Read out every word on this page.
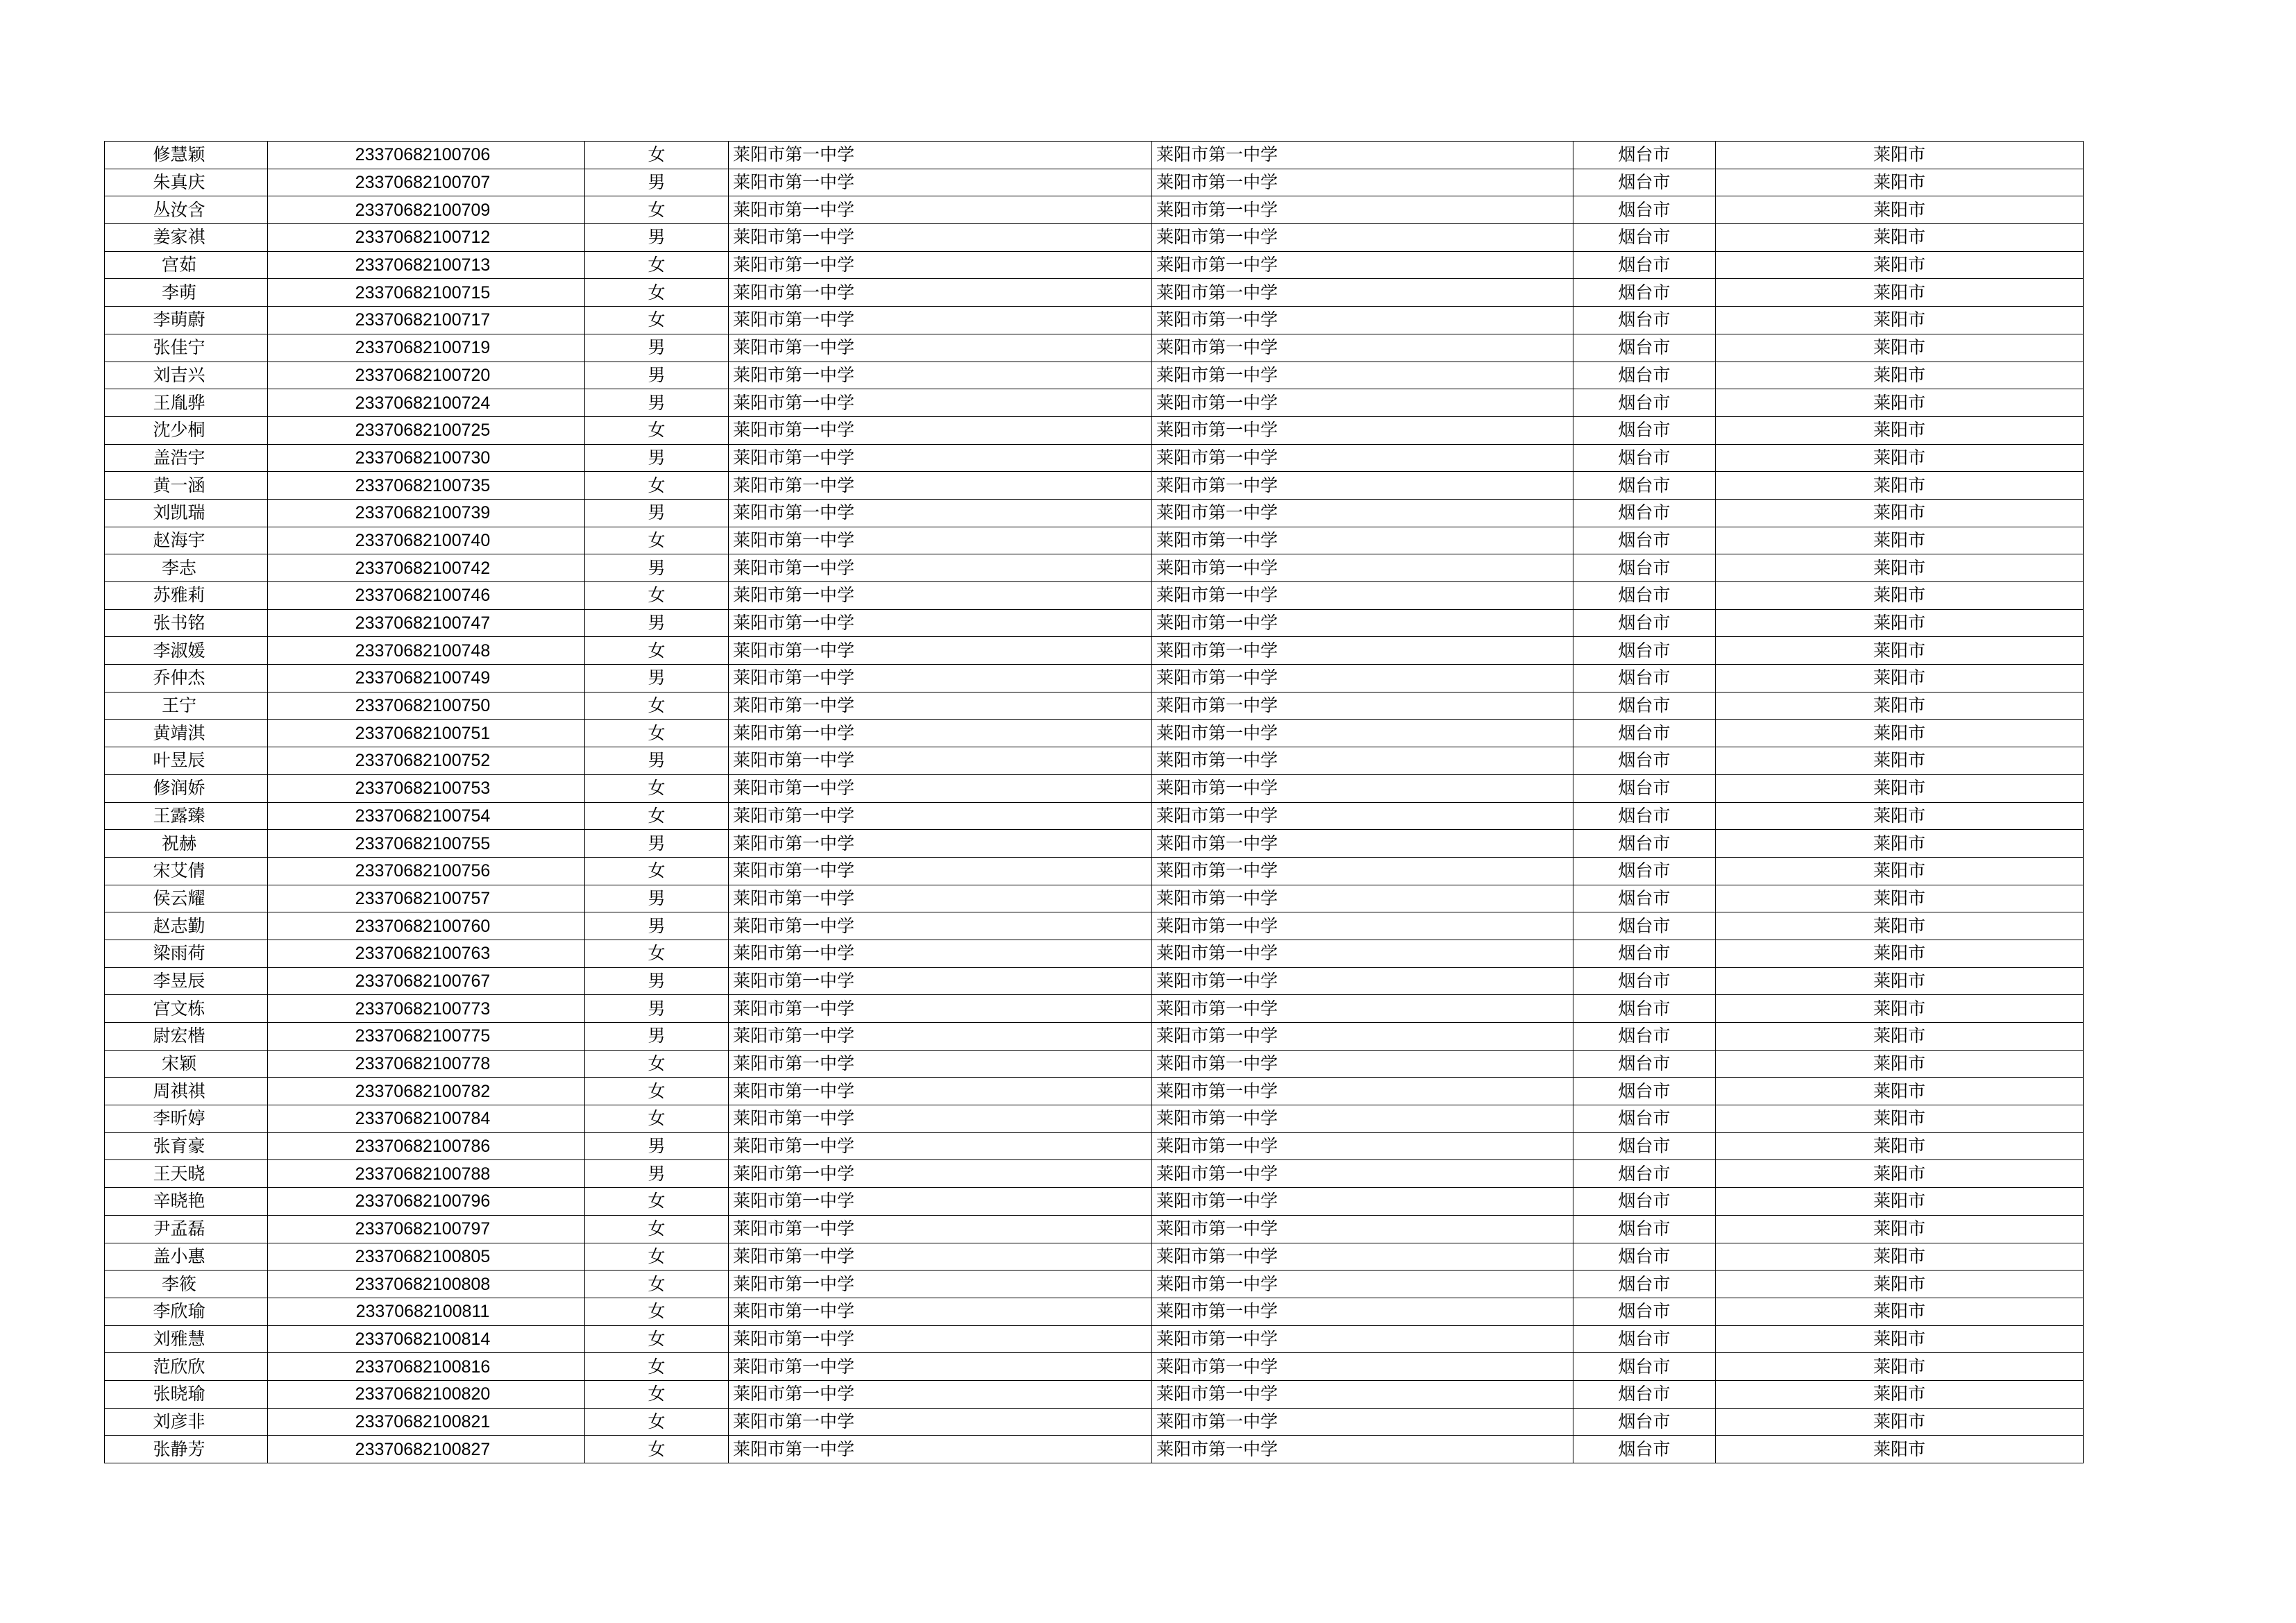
修慧颖	23370682100706	女	莱阳市第一中学	莱阳市第一中学	烟台市	莱阳市
朱真庆	23370682100707	男	莱阳市第一中学	莱阳市第一中学	烟台市	莱阳市
丛汝含	23370682100709	女	莱阳市第一中学	莱阳市第一中学	烟台市	莱阳市
姜家祺	23370682100712	男	莱阳市第一中学	莱阳市第一中学	烟台市	莱阳市
宫茹	23370682100713	女	莱阳市第一中学	莱阳市第一中学	烟台市	莱阳市
李萌	23370682100715	女	莱阳市第一中学	莱阳市第一中学	烟台市	莱阳市
李萌蔚	23370682100717	女	莱阳市第一中学	莱阳市第一中学	烟台市	莱阳市
张佳宁	23370682100719	男	莱阳市第一中学	莱阳市第一中学	烟台市	莱阳市
刘吉兴	23370682100720	男	莱阳市第一中学	莱阳市第一中学	烟台市	莱阳市
王胤骅	23370682100724	男	莱阳市第一中学	莱阳市第一中学	烟台市	莱阳市
沈少桐	23370682100725	女	莱阳市第一中学	莱阳市第一中学	烟台市	莱阳市
盖浩宇	23370682100730	男	莱阳市第一中学	莱阳市第一中学	烟台市	莱阳市
黄一涵	23370682100735	女	莱阳市第一中学	莱阳市第一中学	烟台市	莱阳市
刘凯瑞	23370682100739	男	莱阳市第一中学	莱阳市第一中学	烟台市	莱阳市
赵海宇	23370682100740	女	莱阳市第一中学	莱阳市第一中学	烟台市	莱阳市
李志	23370682100742	男	莱阳市第一中学	莱阳市第一中学	烟台市	莱阳市
苏雅莉	23370682100746	女	莱阳市第一中学	莱阳市第一中学	烟台市	莱阳市
张书铭	23370682100747	男	莱阳市第一中学	莱阳市第一中学	烟台市	莱阳市
李淑媛	23370682100748	女	莱阳市第一中学	莱阳市第一中学	烟台市	莱阳市
乔仲杰	23370682100749	男	莱阳市第一中学	莱阳市第一中学	烟台市	莱阳市
王宁	23370682100750	女	莱阳市第一中学	莱阳市第一中学	烟台市	莱阳市
黄靖淇	23370682100751	女	莱阳市第一中学	莱阳市第一中学	烟台市	莱阳市
叶昱辰	23370682100752	男	莱阳市第一中学	莱阳市第一中学	烟台市	莱阳市
修润娇	23370682100753	女	莱阳市第一中学	莱阳市第一中学	烟台市	莱阳市
王露臻	23370682100754	女	莱阳市第一中学	莱阳市第一中学	烟台市	莱阳市
祝赫	23370682100755	男	莱阳市第一中学	莱阳市第一中学	烟台市	莱阳市
宋艾倩	23370682100756	女	莱阳市第一中学	莱阳市第一中学	烟台市	莱阳市
侯云耀	23370682100757	男	莱阳市第一中学	莱阳市第一中学	烟台市	莱阳市
赵志勤	23370682100760	男	莱阳市第一中学	莱阳市第一中学	烟台市	莱阳市
梁雨荷	23370682100763	女	莱阳市第一中学	莱阳市第一中学	烟台市	莱阳市
李昱辰	23370682100767	男	莱阳市第一中学	莱阳市第一中学	烟台市	莱阳市
宫文栋	23370682100773	男	莱阳市第一中学	莱阳市第一中学	烟台市	莱阳市
尉宏楷	23370682100775	男	莱阳市第一中学	莱阳市第一中学	烟台市	莱阳市
宋颖	23370682100778	女	莱阳市第一中学	莱阳市第一中学	烟台市	莱阳市
周祺祺	23370682100782	女	莱阳市第一中学	莱阳市第一中学	烟台市	莱阳市
李昕婷	23370682100784	女	莱阳市第一中学	莱阳市第一中学	烟台市	莱阳市
张育豪	23370682100786	男	莱阳市第一中学	莱阳市第一中学	烟台市	莱阳市
王天晓	23370682100788	男	莱阳市第一中学	莱阳市第一中学	烟台市	莱阳市
辛晓艳	23370682100796	女	莱阳市第一中学	莱阳市第一中学	烟台市	莱阳市
尹孟磊	23370682100797	女	莱阳市第一中学	莱阳市第一中学	烟台市	莱阳市
盖小惠	23370682100805	女	莱阳市第一中学	莱阳市第一中学	烟台市	莱阳市
李筱	23370682100808	女	莱阳市第一中学	莱阳市第一中学	烟台市	莱阳市
李欣瑜	23370682100811	女	莱阳市第一中学	莱阳市第一中学	烟台市	莱阳市
刘雅慧	23370682100814	女	莱阳市第一中学	莱阳市第一中学	烟台市	莱阳市
范欣欣	23370682100816	女	莱阳市第一中学	莱阳市第一中学	烟台市	莱阳市
张晓瑜	23370682100820	女	莱阳市第一中学	莱阳市第一中学	烟台市	莱阳市
刘彦非	23370682100821	女	莱阳市第一中学	莱阳市第一中学	烟台市	莱阳市
张静芳	23370682100827	女	莱阳市第一中学	莱阳市第一中学	烟台市	莱阳市
